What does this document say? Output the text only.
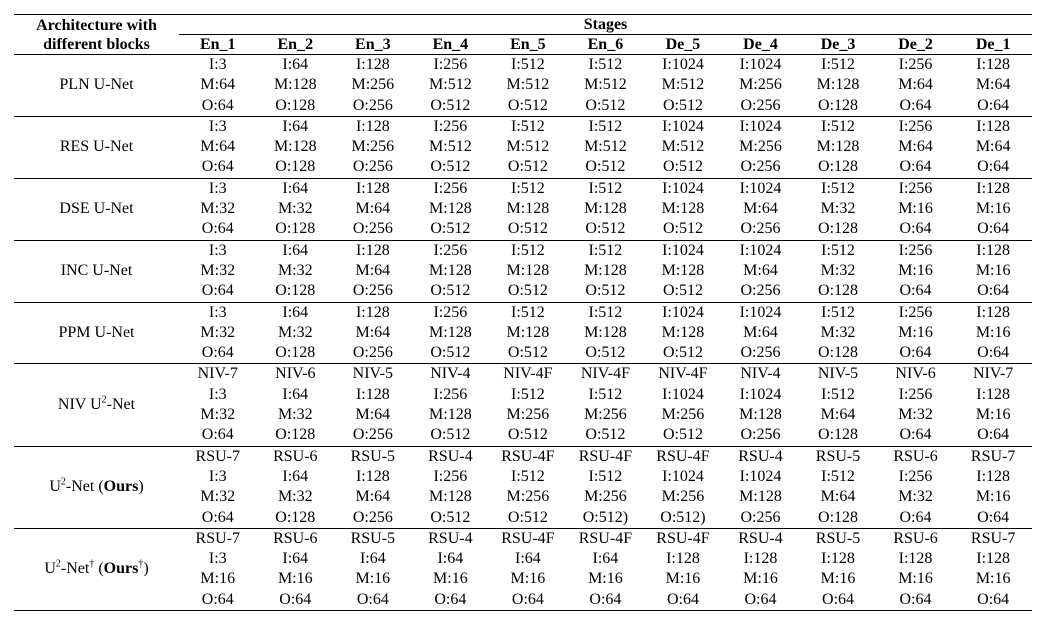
Architecture with
different blocks	Stages										
	En_1	En_2	En_3	En_4	En_5	En_6	De_5	De_4	De_3	De_2	De_1
PLN U-Net	I:3
M:64
O:64	I:64
M:128
O:128	I:128
M:256
O:256	I:256
M:512
O:512	I:512
M:512
O:512	I:512
M:512
O:512	I:1024
M:512
O:512	I:1024
M:256
O:256	I:512
M:128
O:128	I:256
M:64
O:64	I:128
M:64
O:64

RES U-Net	I:3
M:64
O:64	I:64
M:128
O:128	I:128
M:256
O:256	I:256
M:512
O:512	I:512
M:512
O:512	I:512
M:512
O:512	I:1024
M:512
O:512	I:1024
M:256
O:256	I:512
M:128
O:128	I:256
M:64
O:64	I:128
M:64
O:64

DSE U-Net	I:3
M:32
O:64	I:64
M:32
O:128	I:128
M:64
O:256	I:256
M:128
O:512	I:512
M:128
O:512	I:512
M:128
O:512	I:1024
M:128
O:512	I:1024
M:64
O:256	I:512
M:32
O:128	I:256
M:16
O:64	I:128
M:16
O:64

INC U-Net	I:3
M:32
O:64	I:64
M:32
O:128	I:128
M:64
O:256	I:256
M:128
O:512	I:512
M:128
O:512	I:512
M:128
O:512	I:1024
M:128
O:512	I:1024
M:64
O:256	I:512
M:32
O:128	I:256
M:16
O:64	I:128
M:16
O:64

PPM U-Net	I:3
M:32
O:64	I:64
M:32
O:128	I:128
M:64
O:256	I:256
M:128
O:512	I:512
M:128
O:512	I:512
M:128
O:512	I:1024
M:128
O:512	I:1024
M:64
O:256	I:512
M:32
O:128	I:256
M:16
O:64	I:128
M:16
O:64

NIV $U^2$-Net	NIV-7
I:3
M:32
O:64	NIV-6
I:64
M:32
O:128	NIV-5
I:128
M:64
O:256	NIV-4
I:256
M:128
O:512	NIV-4F
I:512
M:256
O:512	NIV-4F
I:512
M:256
O:512	NIV-4F
I:1024
M:256
O:512	NIV-4
I:1024
M:128
O:256	NIV-5
I:512
M:64
O:128	NIV-6
I:256
M:32
O:64	NIV-7
I:128
M:16
O:64

$U^2$-Net (Ours)	RSU-7
I:3
M:32
O:64	RSU-6
I:64
M:32
O:128	RSU-5
I:128
M:64
O:256	RSU-4
I:256
M:128
O:512	RSU-4F
I:512
M:256
O:512	RSU-4F
I:512
M:256
O:512)	RSU-4F
I:1024
M:256
O:512)	RSU-4
I:1024
M:128
O:256	RSU-5
I:512
M:64
O:128	RSU-6
I:256
M:32
O:64	RSU-7
I:128
M:16
O:64

$U^2-Net^\dagger$ (Ours†)	RSU-7
I:3
M:16
O:64	RSU-6
I:64
M:16
O:64	RSU-5
I:64
M:16
O:64	RSU-4
I:64
M:16
O:64	RSU-4F
I:64
M:16
O:64	RSU-4F
I:64
M:16
O:64	RSU-4F
I:128
M:16
O:64	RSU-4
I:128
M:16
O:64	RSU-5
I:128
M:16
O:64	RSU-6
I:128
M:16
O:64	RSU-7
I:128
M:16
O:64
